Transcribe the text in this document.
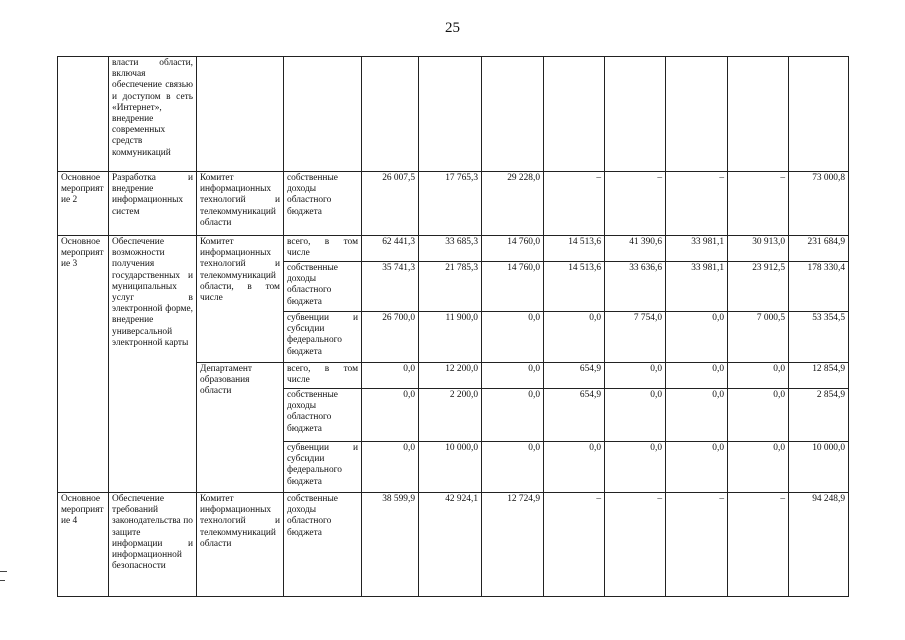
25
	власти области, включая обеспечение связью и доступом в сеть «Интернет», внедрение современных средств коммуникаций										
Основное мероприятие 2	Разработка и внедрение информационных систем	Комитет информационных технологий и телекоммуникаций области	собственные доходы областного бюджета	26 007,5	17 765,3	29 228,0	–	–	–	–	73 000,8
Основное мероприятие 3	Обеспечение возможности получения государственных и муниципальных услуг в электронной форме, внедрение универсальной электронной карты	Комитет информационных технологий и телекоммуникаций области, в том числе	всего, в том числе	62 441,3	33 685,3	14 760,0	14 513,6	41 390,6	33 981,1	30 913,0	231 684,9
			собственные доходы областного бюджета	35 741,3	21 785,3	14 760,0	14 513,6	33 636,6	33 981,1	23 912,5	178 330,4
			субвенции и субсидии федерального бюджета	26 700,0	11 900,0	0,0	0,0	7 754,0	0,0	7 000,5	53 354,5
		Департамент образования области	всего, в том числе	0,0	12 200,0	0,0	654,9	0,0	0,0	0,0	12 854,9
			собственные доходы областного бюджета	0,0	2 200,0	0,0	654,9	0,0	0,0	0,0	2 854,9
			субвенции и субсидии федерального бюджета	0,0	10 000,0	0,0	0,0	0,0	0,0	0,0	10 000,0
Основное мероприятие 4	Обеспечение требований законодательства по защите информации и информационной безопасности	Комитет информационных технологий и телекоммуникаций области	собственные доходы областного бюджета	38 599,9	42 924,1	12 724,9	–	–	–	–	94 248,9
